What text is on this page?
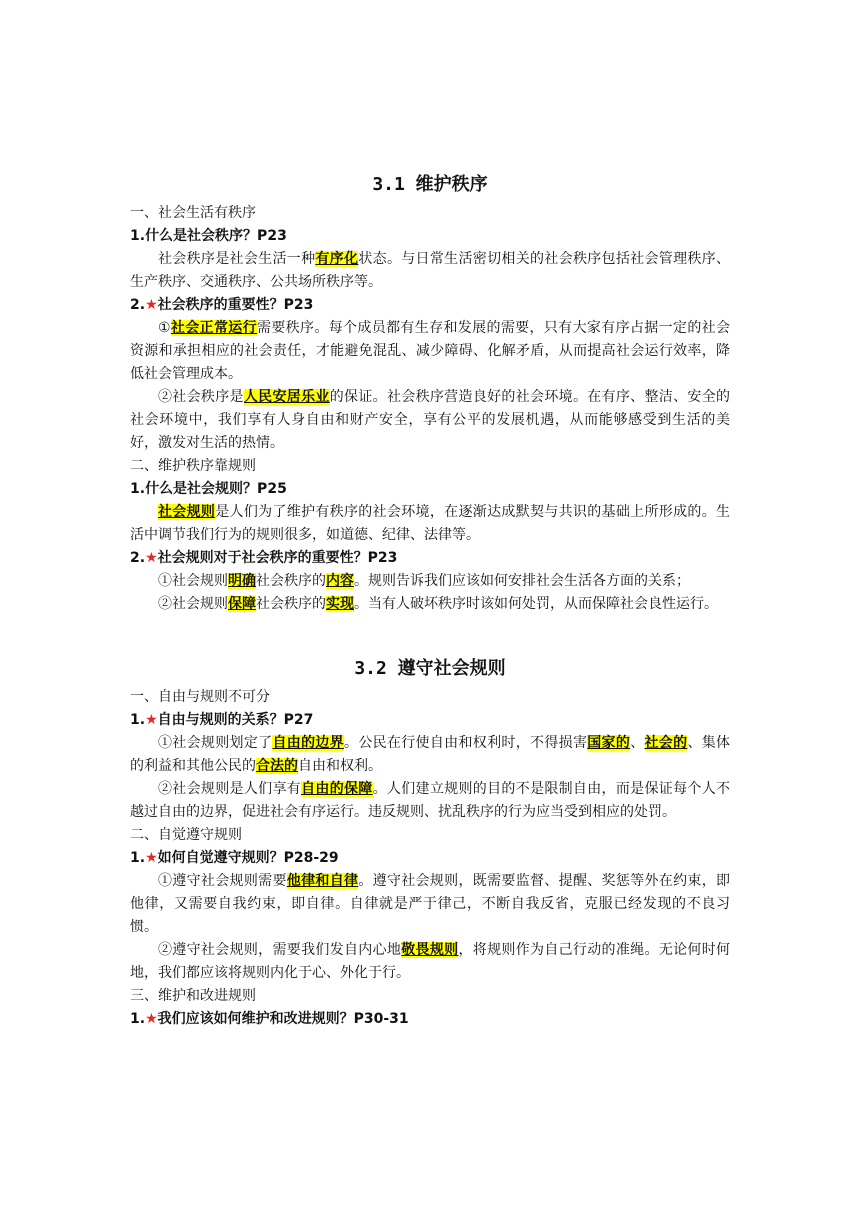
3.1 维护秩序

一、社会生活有秩序

1.什么是社会秩序？P23

社会秩序是社会生活一种有序化状态。与日常生活密切相关的社会秩序包括社会管理秩序、生产秩序、交通秩序、公共场所秩序等。

2.★社会秩序的重要性？P23

①社会正常运行需要秩序。每个成员都有生存和发展的需要，只有大家有序占据一定的社会资源和承担相应的社会责任，才能避免混乱、减少障碍、化解矛盾，从而提高社会运行效率，降低社会管理成本。

②社会秩序是人民安居乐业的保证。社会秩序营造良好的社会环境。在有序、整洁、安全的社会环境中，我们享有人身自由和财产安全，享有公平的发展机遇，从而能够感受到生活的美好，激发对生活的热情。

二、维护秩序靠规则

1.什么是社会规则？P25

社会规则是人们为了维护有秩序的社会环境，在逐渐达成默契与共识的基础上所形成的。生活中调节我们行为的规则很多，如道德、纪律、法律等。

2.★社会规则对于社会秩序的重要性？P23

①社会规则明确社会秩序的内容。规则告诉我们应该如何安排社会生活各方面的关系；

②社会规则保障社会秩序的实现。当有人破坏秩序时该如何处罚，从而保障社会良性运行。

3.2 遵守社会规则

一、自由与规则不可分

1.★自由与规则的关系？P27

①社会规则划定了自由的边界。公民在行使自由和权利时，不得损害国家的、社会的、集体的利益和其他公民的合法的自由和权利。

②社会规则是人们享有自由的保障。人们建立规则的目的不是限制自由，而是保证每个人不越过自由的边界，促进社会有序运行。违反规则、扰乱秩序的行为应当受到相应的处罚。

二、自觉遵守规则

1.★如何自觉遵守规则？P28-29

①遵守社会规则需要他律和自律。遵守社会规则，既需要监督、提醒、奖惩等外在约束，即他律，又需要自我约束，即自律。自律就是严于律己，不断自我反省，克服已经发现的不良习惯。

②遵守社会规则，需要我们发自内心地敬畏规则，将规则作为自己行动的准绳。无论何时何地，我们都应该将规则内化于心、外化于行。

三、维护和改进规则

1.★我们应该如何维护和改进规则？P30-31
